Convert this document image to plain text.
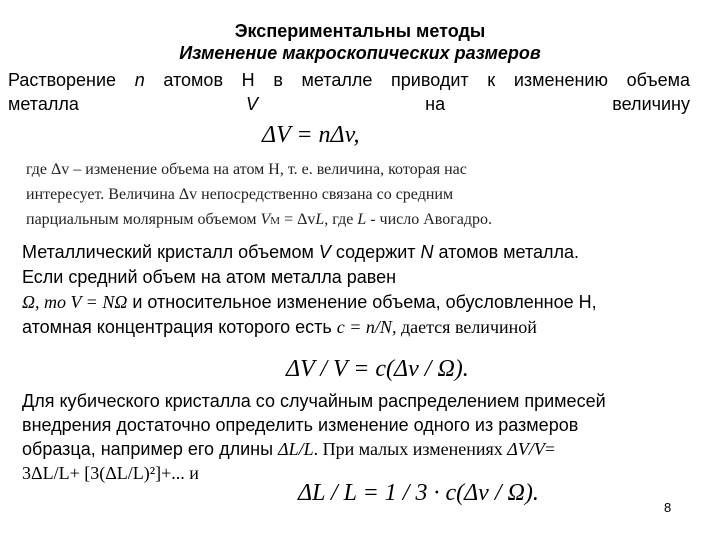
Экспериментальны методы
Изменение макроскопических размеров
Растворение n атомов H в металле приводит к изменению объема
металла V на величину
ΔV = nΔv,
где Δv – изменение объема на атом H, т. е. величина, которая нас
интересует. Величина Δv непосредственно связана со средним
парциальным молярным объемом VM = ΔvL, где L - число Авогадро.
Металлический кристалл объемом V содержит N атомов металла.
Если средний объем на атом металла равен
Ω, то V = NΩ и относительное изменение объема, обусловленное H,
атомная концентрация которого есть c = n/N, дается величиной
ΔV / V = c(Δv / Ω).
Для кубического кристалла со случайным распределением примесей
внедрения достаточно определить изменение одного из размеров
образца, например его длины ΔL/L. При малых изменениях ΔV/V=
3ΔL/L+ [3(ΔL/L)²]+... и
ΔL / L = 1 / 3 · c(Δv / Ω).
8
